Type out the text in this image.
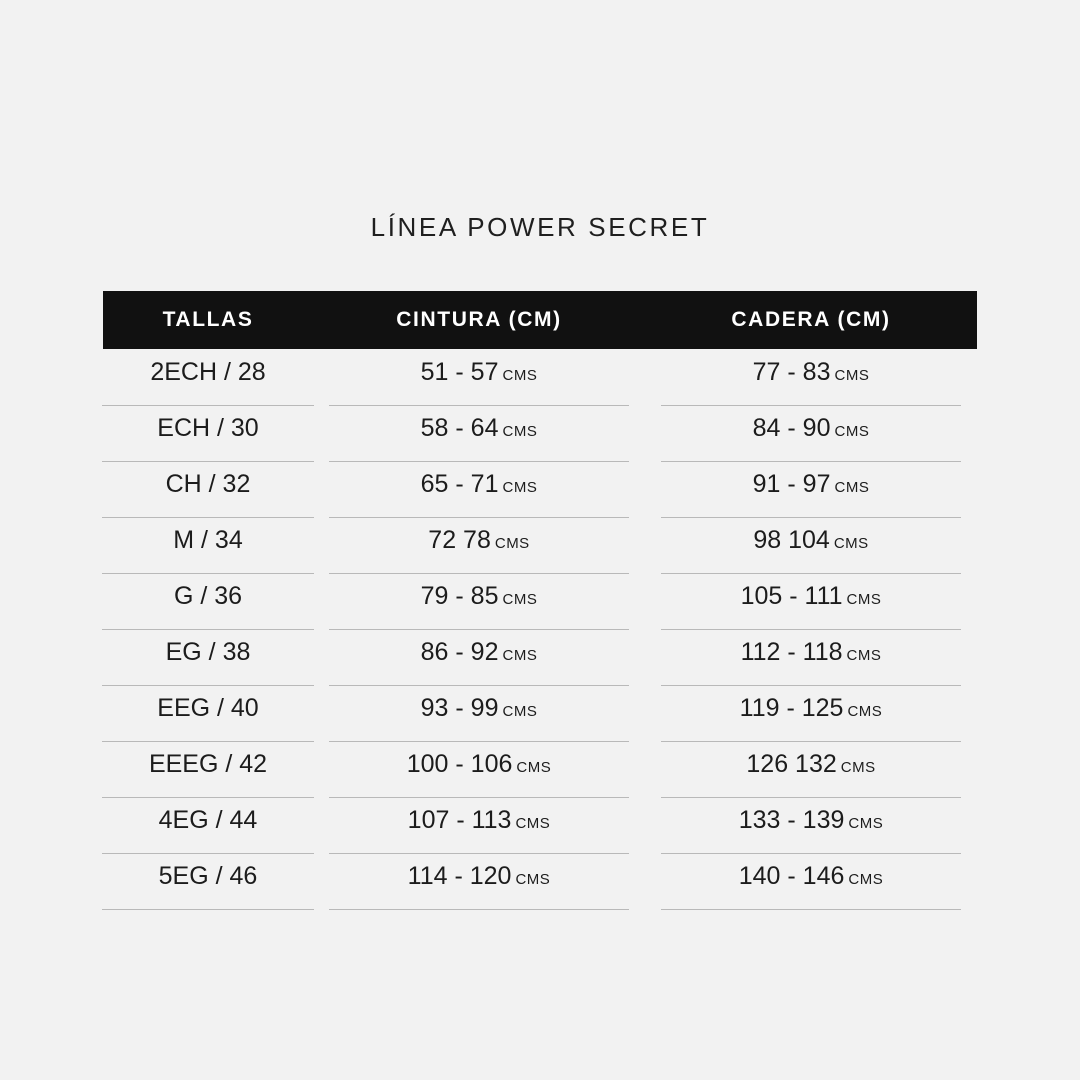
LÍNEA POWER SECRET
TALLAS	CINTURA (CM)	CADERA (CM)
2ECH / 28	51 - 57 CMS	77 - 83 CMS
ECH / 30	58 - 64 CMS	84 - 90 CMS
CH / 32	65 - 71 CMS	91 - 97 CMS
M / 34	72 78 CMS	98 104 CMS
G / 36	79 - 85 CMS	105 - 111 CMS
EG / 38	86 - 92 CMS	112 - 118 CMS
EEG / 40	93 - 99 CMS	119 - 125 CMS
EEEG / 42	100 - 106 CMS	126 132 CMS
4EG / 44	107 - 113 CMS	133 - 139 CMS
5EG / 46	114 - 120 CMS	140 - 146 CMS
